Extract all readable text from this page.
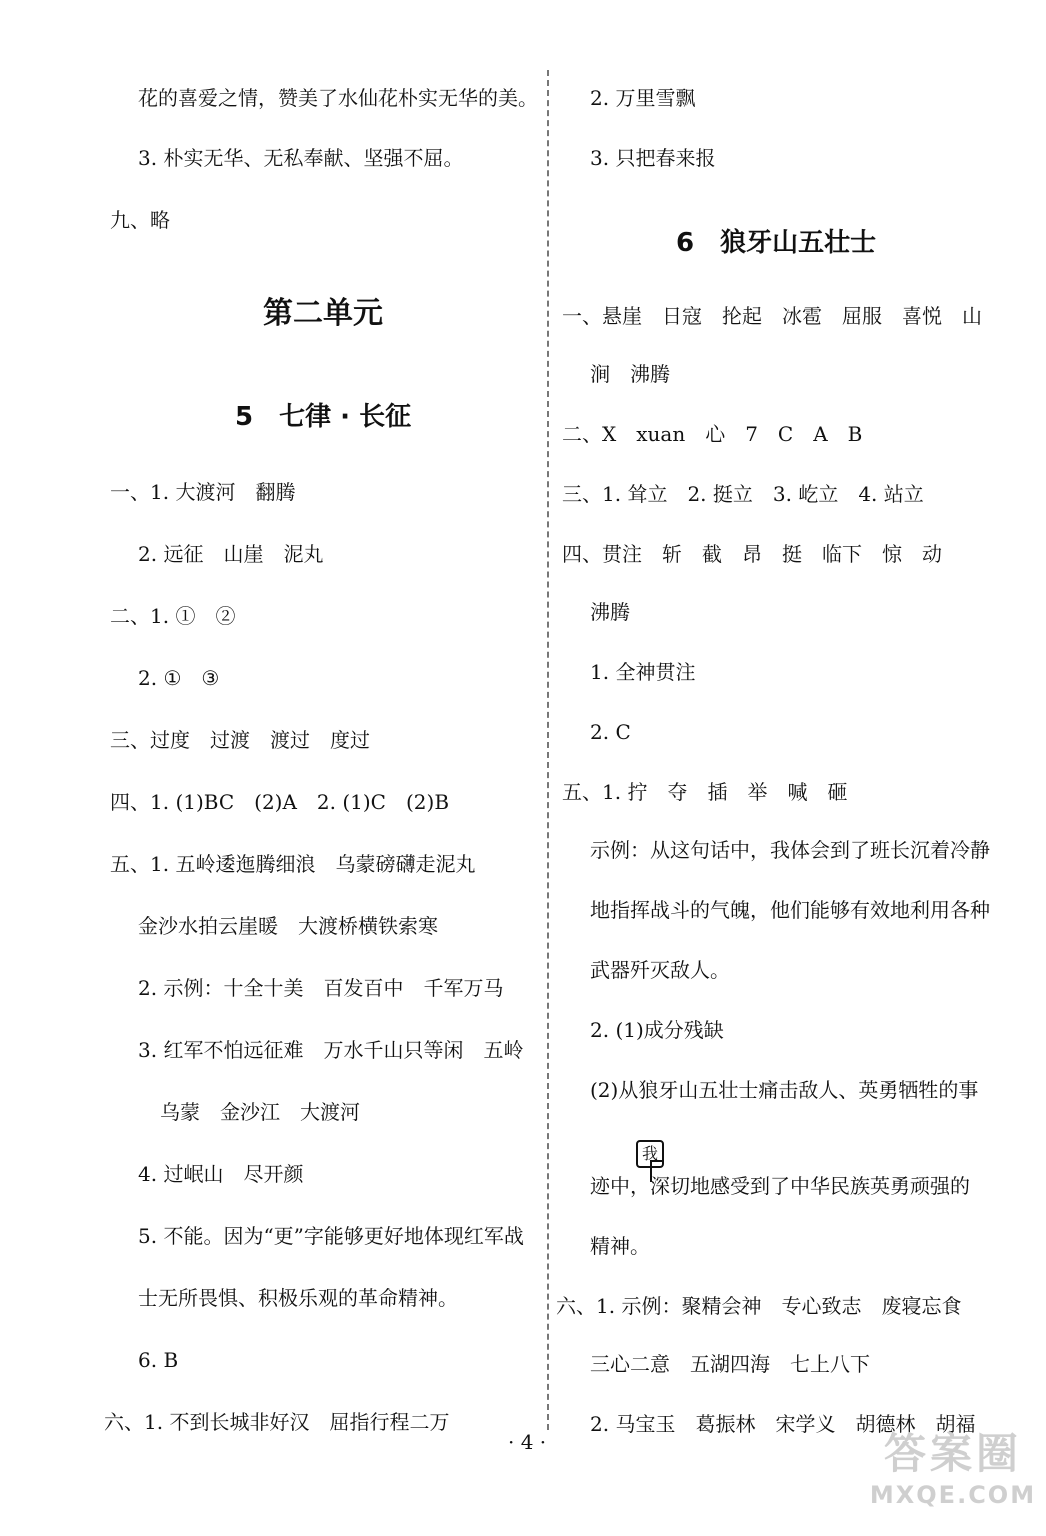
花的喜爱之情，赞美了水仙花朴实无华的美。
3. 朴实无华、无私奉献、坚强不屈。
九、略
第二单元
5　七律 · 长征
一、1. 大渡河　翻腾
2. 远征　山崖　泥丸
二、1. ①　②
2. ①　③
三、过度　过渡　渡过　度过
四、1. (1)BC　(2)A　2. (1)C　(2)B
五、1. 五岭逶迤腾细浪　乌蒙磅礴走泥丸
金沙水拍云崖暖　大渡桥横铁索寒
2. 示例：十全十美　百发百中　千军万马
3. 红军不怕远征难　万水千山只等闲　五岭
乌蒙　金沙江　大渡河
4. 过岷山　尽开颜
5. 不能。因为“更”字能够更好地体现红军战
士无所畏惧、积极乐观的革命精神。
6. B
六、1. 不到长城非好汉　屈指行程二万
2. 万里雪飘
3. 只把春来报
6　狼牙山五壮士
一、悬崖　日寇　抡起　冰雹　屈服　喜悦　山
涧　沸腾
二、X　xuan　心　7　C　A　B
三、1. 耸立　2. 挺立　3. 屹立　4. 站立
四、贯注　斩　截　昂　挺　临下　惊　动
沸腾
1. 全神贯注
2. C
五、1. 拧　夺　插　举　喊　砸
示例：从这句话中，我体会到了班长沉着冷静
地指挥战斗的气魄，他们能够有效地利用各种
武器歼灭敌人。
2. (1)成分残缺
(2)从狼牙山五壮士痛击敌人、英勇牺牲的事
我
迹中，深切地感受到了中华民族英勇顽强的
精神。
六、1. 示例：聚精会神　专心致志　废寝忘食
三心二意　五湖四海　七上八下
2. 马宝玉　葛振林　宋学义　胡德林　胡福
· 4 ·	答案圈
MXQE.COM
